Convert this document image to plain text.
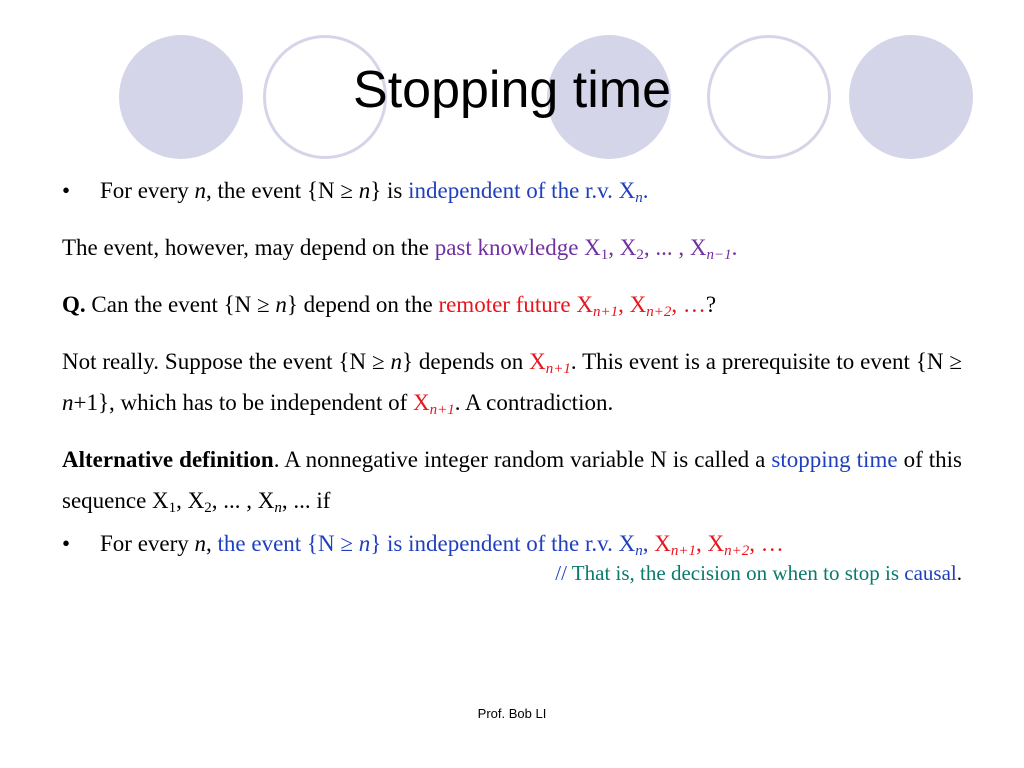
Stopping time

• For every n, the event {N ≥ n} is independent of the r.v. $X_n$.

The event, however, may depend on the past knowledge $X_1$, $X_2$, ... , $X_{n-1}$.

Q. Can the event {N ≥ n} depend on the remoter future $X_{n+1}$, $X_{n+2}$, …?

Not really. Suppose the event {N ≥ n} depends on $X_{n+1}$. This event is a prerequisite to event {N ≥ n+1}, which has to be independent of $X_{n+1}$. A contradiction.

Alternative definition. A nonnegative integer random variable N is called a stopping time of this sequence $X_1$, $X_2$, ... , $X_n$, ... if

• For every n, the event {N ≥ n} is independent of the r.v. $X_n$, $X_{n+1}$, $X_{n+2}$, …

// That is, the decision on when to stop is causal.

Prof. Bob LI
